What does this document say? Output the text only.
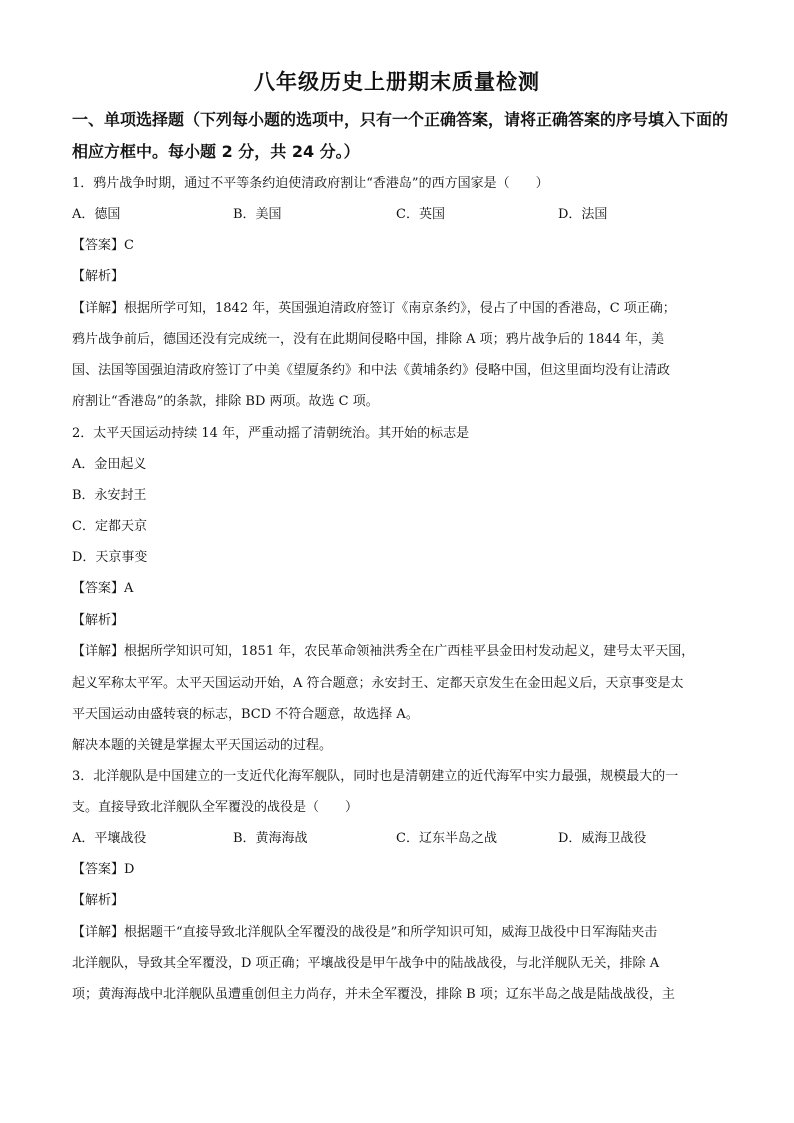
八年级历史上册期末质量检测
一、单项选择题（下列每小题的选项中，只有一个正确答案，请将正确答案的序号填入下面的
相应方框中。每小题 2 分，共 24 分。）
1．鸦片战争时期，通过不平等条约迫使清政府割让“香港岛”的西方国家是（　　）
A．德国	B．美国	C．英国	D．法国
【答案】C
【解析】
【详解】根据所学可知，1842 年，英国强迫清政府签订《南京条约》，侵占了中国的香港岛，C 项正确；
鸦片战争前后，德国还没有完成统一，没有在此期间侵略中国，排除 A 项；鸦片战争后的 1844 年，美
国、法国等国强迫清政府签订了中美《望厦条约》和中法《黄埔条约》侵略中国，但这里面均没有让清政
府割让“香港岛”的条款，排除 BD 两项。故选 C 项。
2．太平天国运动持续 14 年，严重动摇了清朝统治。其开始的标志是
A．金田起义
B．永安封王
C．定都天京
D．天京事变
【答案】A
【解析】
【详解】根据所学知识可知，1851 年，农民革命领袖洪秀全在广西桂平县金田村发动起义，建号太平天国，
起义军称太平军。太平天国运动开始，A 符合题意；永安封王、定都天京发生在金田起义后，天京事变是太
平天国运动由盛转衰的标志，BCD 不符合题意，故选择 A。
解决本题的关键是掌握太平天国运动的过程。
3．北洋舰队是中国建立的一支近代化海军舰队，同时也是清朝建立的近代海军中实力最强，规模最大的一
支。直接导致北洋舰队全军覆没的战役是（　　）
A．平壤战役	B．黄海海战	C．辽东半岛之战	D．威海卫战役
【答案】D
【解析】
【详解】根据题干“直接导致北洋舰队全军覆没的战役是”和所学知识可知，威海卫战役中日军海陆夹击
北洋舰队，导致其全军覆没，D 项正确；平壤战役是甲午战争中的陆战战役，与北洋舰队无关，排除 A
项；黄海海战中北洋舰队虽遭重创但主力尚存，并未全军覆没，排除 B 项；辽东半岛之战是陆战战役，主
